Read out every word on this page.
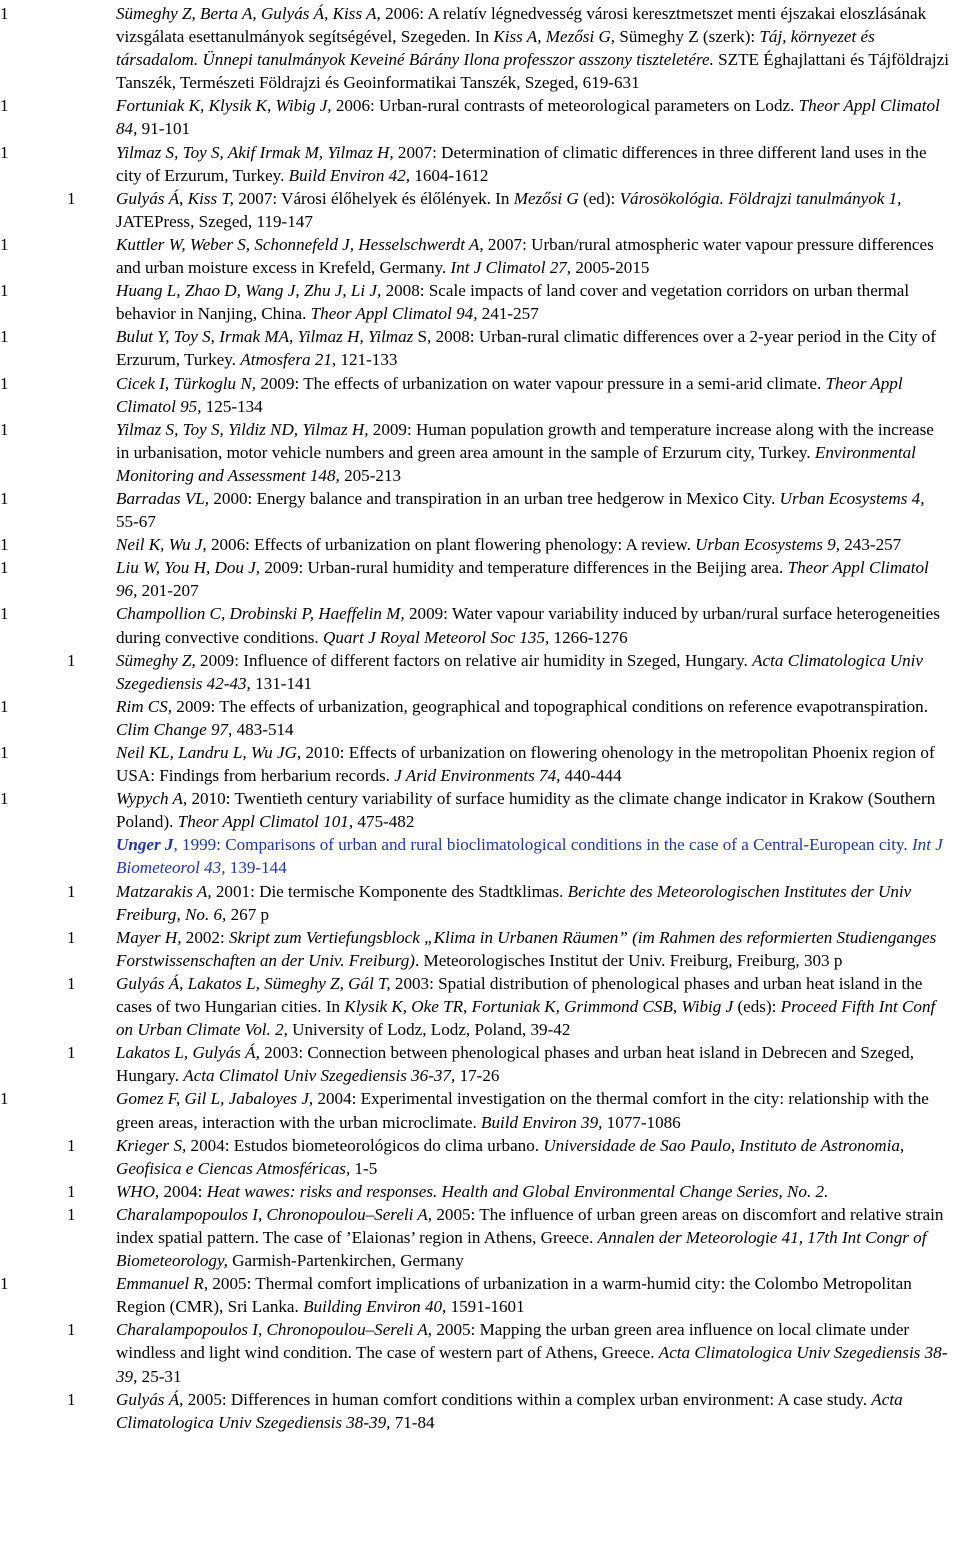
1	Sümeghy Z, Berta A, Gulyás Á, Kiss A, 2006: A relatív légnedvesség városi keresztmetszet menti éjszakai eloszlásának vizsgálata esettanulmányok segítségével, Szegeden. In Kiss A, Mezősi G, Sümeghy Z (szerk): Táj, környezet és társadalom. Ünnepi tanulmányok Keveiné Bárány Ilona professzor asszony tiszteletére. SZTE Éghajlattani és Tájföldrajzi Tanszék, Természeti Földrajzi és Geoinformatikai Tanszék, Szeged, 619-631
1	Fortuniak K, Klysik K, Wibig J, 2006: Urban-rural contrasts of meteorological parameters on Lodz. Theor Appl Climatol 84, 91-101
1	Yilmaz S, Toy S, Akif Irmak M, Yilmaz H, 2007: Determination of climatic differences in three different land uses in the city of Erzurum, Turkey. Build Environ 42, 1604-1612
1	Gulyás Á, Kiss T, 2007: Városi élőhelyek és élőlények. In Mezősi G (ed): Városökológia. Földrajzi tanulmányok 1, JATEPress, Szeged, 119-147
1	Kuttler W, Weber S, Schonnefeld J, Hesselschwerdt A, 2007: Urban/rural atmospheric water vapour pressure differences and urban moisture excess in Krefeld, Germany. Int J Climatol 27, 2005-2015
1	Huang L, Zhao D, Wang J, Zhu J, Li J, 2008: Scale impacts of land cover and vegetation corridors on urban thermal behavior in Nanjing, China. Theor Appl Climatol 94, 241-257
1	Bulut Y, Toy S, Irmak MA, Yilmaz H, Yilmaz S, 2008: Urban-rural climatic differences over a 2-year period in the City of Erzurum, Turkey. Atmosfera 21, 121-133
1	Cicek I, Türkoglu N, 2009: The effects of urbanization on water vapour pressure in a semi-arid climate. Theor Appl Climatol 95, 125-134
1	Yilmaz S, Toy S, Yildiz ND, Yilmaz H, 2009: Human population growth and temperature increase along with the increase in urbanisation, motor vehicle numbers and green area amount in the sample of Erzurum city, Turkey. Environmental Monitoring and Assessment 148, 205-213
1	Barradas VL, 2000: Energy balance and transpiration in an urban tree hedgerow in Mexico City. Urban Ecosystems 4, 55-67
1	Neil K, Wu J, 2006: Effects of urbanization on plant flowering phenology: A review. Urban Ecosystems 9, 243-257
1	Liu W, You H, Dou J, 2009: Urban-rural humidity and temperature differences in the Beijing area. Theor Appl Climatol 96, 201-207
1	Champollion C, Drobinski P, Haeffelin M, 2009: Water vapour variability induced by urban/rural surface heterogeneities during convective conditions. Quart J Royal Meteorol Soc 135, 1266-1276
1	Sümeghy Z, 2009: Influence of different factors on relative air humidity in Szeged, Hungary. Acta Climatologica Univ Szegediensis 42-43, 131-141
1	Rim CS, 2009: The effects of urbanization, geographical and topographical conditions on reference evapotranspiration. Clim Change 97, 483-514
1	Neil KL, Landru L, Wu JG, 2010: Effects of urbanization on flowering ohenology in the metropolitan Phoenix region of USA: Findings from herbarium records. J Arid Environments 74, 440-444
1	Wypych A, 2010: Twentieth century variability of surface humidity as the climate change indicator in Krakow (Southern Poland). Theor Appl Climatol 101, 475-482
Unger J, 1999: Comparisons of urban and rural bioclimatological conditions in the case of a Central-European city. Int J Biometeorol 43, 139-144
1	Matzarakis A, 2001: Die termische Komponente des Stadtklimas. Berichte des Meteorologischen Institutes der Univ Freiburg, No. 6, 267 p
1	Mayer H, 2002: Skript zum Vertiefungsblock „Klima in Urbanen Räumen” (im Rahmen des reformierten Studienganges Forstwissenschaften an der Univ. Freiburg). Meteorologisches Institut der Univ. Freiburg, Freiburg, 303 p
1	Gulyás Á, Lakatos L, Sümeghy Z, Gál T, 2003: Spatial distribution of phenological phases and urban heat island in the cases of two Hungarian cities. In Klysik K, Oke TR, Fortuniak K, Grimmond CSB, Wibig J (eds): Proceed Fifth Int Conf on Urban Climate Vol. 2, University of Lodz, Lodz, Poland, 39-42
1	Lakatos L, Gulyás Á, 2003: Connection between phenological phases and urban heat island in Debrecen and Szeged, Hungary. Acta Climatol Univ Szegediensis 36-37, 17-26
1	Gomez F, Gil L, Jabaloyes J, 2004: Experimental investigation on the thermal comfort in the city: relationship with the green areas, interaction with the urban microclimate. Build Environ 39, 1077-1086
1	Krieger S, 2004: Estudos biometeorológicos do clima urbano. Universidade de Sao Paulo, Instituto de Astronomia, Geofisica e Ciencas Atmosféricas, 1-5
1	WHO, 2004: Heat wawes: risks and responses. Health and Global Environmental Change Series, No. 2.
1	Charalampopoulos I, Chronopoulou–Sereli A, 2005: The influence of urban green areas on discomfort and relative strain index spatial pattern. The case of ’Elaionas’ region in Athens, Greece. Annalen der Meteorologie 41, 17th Int Congr of Biometeorology, Garmish-Partenkirchen, Germany
1	Emmanuel R, 2005: Thermal comfort implications of urbanization in a warm-humid city: the Colombo Metropolitan Region (CMR), Sri Lanka. Building Environ 40, 1591-1601
1	Charalampopoulos I, Chronopoulou–Sereli A, 2005: Mapping the urban green area influence on local climate under windless and light wind condition. The case of western part of Athens, Greece. Acta Climatologica Univ Szegediensis 38-39, 25-31
1	Gulyás Á, 2005: Differences in human comfort conditions within a complex urban environment: A case study. Acta Climatologica Univ Szegediensis 38-39, 71-84
